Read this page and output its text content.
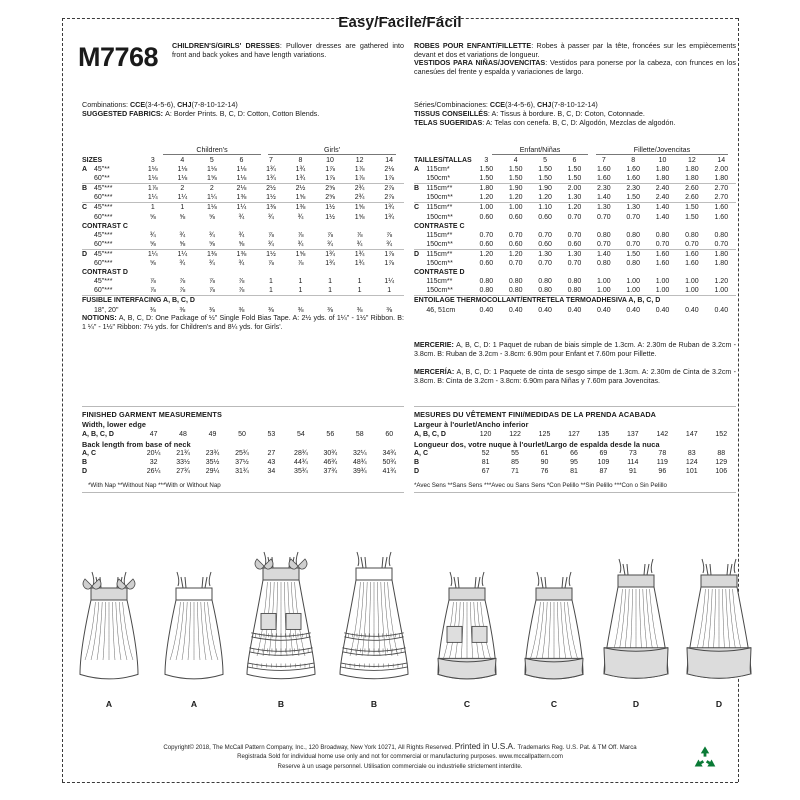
Easy/Facile/Fácil
M7768 CHILDREN'S/GIRLS' DRESSES: Pullover dresses are gathered into front and back yokes and have length variations.
ROBES POUR ENFANT/FILLETTE: Robes à passer par la tête, froncées sur les empiècements devant et dos et variations de longueur.
VESTIDOS PARA NIÑAS/JOVENCITAS: Vestidos para ponerse por la cabeza, con frunces en los canesúes del frente y espalda y variaciones de largo.
Combinations: CCE(3-4-5-6), CHJ(7-8-10-12-14)
SUGGESTED FABRICS: A: Border Prints. B, C, D: Cotton, Cotton Blends.
Séries/Combinaciones: CCE(3-4-5-6), CHJ(7-8-10-12-14)
TISSUS CONSEILLÉS: A: Tissus à bordure. B, C, D: Coton, Cotonnade.
TELAS SUGERIDAS: A: Telas con cenefa. B, C, D: Algodón, Mezclas de algodón.
Children's	Girls'	Enfant/Niñas	Fillette/Jovencitas
SIZES		3	4	5	6	7	8	10	12	14
A	45"**	1⅛	1⅛	1⅛	1⅛	1¾	1¾	1⅞	1⅞	2⅛
	60"**	1⅛	1⅛	1⅝	1⅛	1¾	1¾	1⅞	1⅞	1⅞
B	45"***	1⅞	2	2	2⅛	2½	2½	2⅝	2¾	2⅞
	60"***	1¼	1¼	1¼	1⅜	1½	1⅝	2⅝	2¾	2⅞
C	45"***	1	1	1⅛	1¼	1⅜	1⅜	1½	1⅝	1¾
	60"***	⅝	⅝	⅝	¾	¾	¾	1½	1⅝	1¾
CONTRAST C										
	45"***	¾	¾	¾	¾	⅞	⅞	⅞	⅞	⅞
	60"***	⅝	⅝	⅝	⅝	¾	¾	¾	¾	¾
D	45"***	1¼	1¼	1⅜	1⅜	1½	1⅝	1¾	1¾	1⅞
	60"***	⅝	¾	¾	¾	⅞	⅞	1¾	1¾	1⅞
CONTRAST D										
	45"***	⅞	⅞	⅞	⅞	1	1	1	1	1¼
	60"***	⅞	⅞	⅞	⅞	1	1	1	1	1
FUSIBLE INTERFACING A, B, C, D										
	18", 20"	⅜	⅜	⅜	⅜	⅜	⅜	⅜	⅜	⅜
TAILLES/TALLAS		3	4	5	6	7	8	10	12	14
A	115cm*	1.50	1.50	1.50	1.50	1.60	1.60	1.80	1.80	2.00
	150cm*	1.50	1.50	1.50	1.50	1.60	1.60	1.80	1.80	1.80
B	115cm**	1.80	1.90	1.90	2.00	2.30	2.30	2.40	2.60	2.70
	150cm**	1.20	1.20	1.20	1.30	1.40	1.50	2.40	2.60	2.70
C	115cm**	1.00	1.00	1.10	1.20	1.30	1.30	1.40	1.50	1.60
	150cm**	0.60	0.60	0.60	0.70	0.70	0.70	1.40	1.50	1.60
CONTRASTE C										
	115cm**	0.70	0.70	0.70	0.70	0.80	0.80	0.80	0.80	0.80
	150cm**	0.60	0.60	0.60	0.60	0.70	0.70	0.70	0.70	0.70
D	115cm**	1.20	1.20	1.30	1.30	1.40	1.50	1.60	1.60	1.80
	150cm**	0.60	0.70	0.70	0.70	0.80	0.80	1.60	1.60	1.80
CONTRASTE D										
	115cm**	0.80	0.80	0.80	0.80	1.00	1.00	1.00	1.00	1.20
	150cm**	0.80	0.80	0.80	0.80	1.00	1.00	1.00	1.00	1.00
ENTOILAGE THERMOCOLLANT/ENTRETELA TERMOADHESIVA A, B, C, D										
	46, 51cm	0.40	0.40	0.40	0.40	0.40	0.40	0.40	0.40	0.40
NOTIONS: A, B, C, D: One Package of ½" Single Fold Bias Tape. A: 2½ yds. of 1¼" - 1½" Ribbon. B: 1 ¼" - 1½" Ribbon: 7½ yds. for Children's and 8¼ yds. for Girls'.
MERCERIE: A, B, C, D: 1 Paquet de ruban de biais simple de 1.3cm. A: 2.30m de Ruban de 3.2cm - 3.8cm. B: Ruban de 3.2cm - 3.8cm: 6.90m pour Enfant et 7.60m pour Fillette.
MERCERÍA: A, B, C, D: 1 Paquete de cinta de sesgo simpe de 1.3cm. A: 2.30m de Cinta de 3.2cm - 3.8cm. B: Cinta de 3.2cm - 3.8cm: 6.90m para Niñas y 7.60m para Jovencitas.
FINISHED GARMENT MEASUREMENTS
Width, lower edge
A, B, C, D	47	48	49	50	53	54	56	58	60
Back length from base of neck
A, C	20¼	21¾	23¾	25¾	27	28¾	30¾	32¼	34¾
B	32	33½	35½	37½	43	44¾	46¾	48¾	50¾
D	26¼	27¾	29¼	31¾	34	35¾	37¾	39¾	41¾
*With Nap **Without Nap ***With or Without Nap
MESURES DU VÊTEMENT FINI/MEDIDAS DE LA PRENDA ACABADA
Largeur à l'ourlet/Ancho inferior
A, B, C, D	120	122	125	127	135	137	142	147	152
Longueur dos, votre nuque à l'ourlet/Largo de espalda desde la nuca
A, C	52	55	61	66	69	73	78	83	88
B	81	85	90	95	109	114	119	124	129
D	67	71	76	81	87	91	96	101	106
*Avec Sens **Sans Sens ***Avec ou Sans Sens *Con Pelillo **Sin Pelillo ***Con o Sin Pelillo
A	A	B	B	C	C	D	D
Copyright© 2018, The McCall Pattern Company, Inc., 120 Broadway, New York 10271, All Rights Reserved. Printed in U.S.A. Trademarks Reg. U.S. Pat. & TM Off. Marca
Registrada Sold for individual home use only and not for commercial or manufacturing purposes. www.mccallpattern.com
Reserve à un usage personnel. Utilisation commerciale ou industrielle strictement interdite.
